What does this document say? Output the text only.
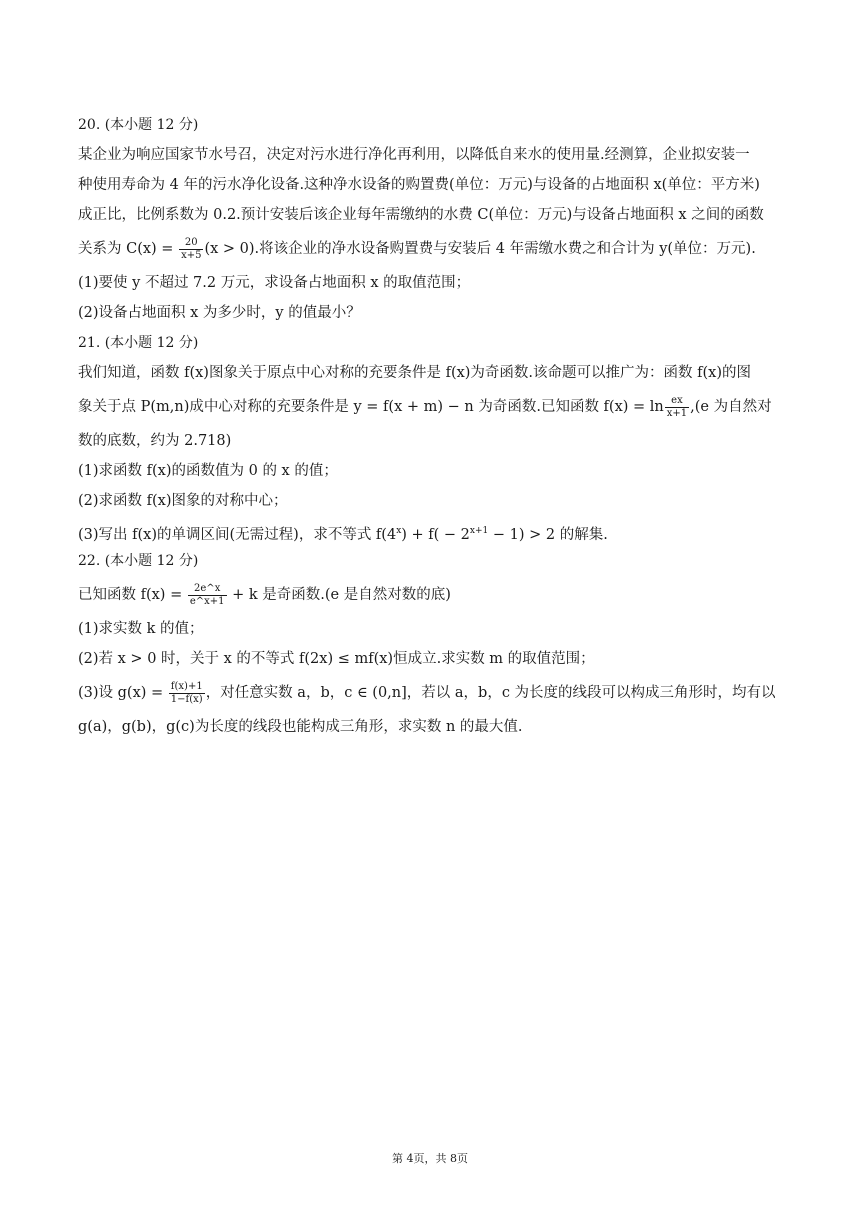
20. (本小题 12 分)
某企业为响应国家节水号召，决定对污水进行净化再利用，以降低自来水的使用量.经测算，企业拟安装一
种使用寿命为 4 年的污水净化设备.这种净水设备的购置费(单位：万元)与设备的占地面积 x(单位：平方米)
成正比，比例系数为 0.2.预计安装后该企业每年需缴纳的水费 C(单位：万元)与设备占地面积 x 之间的函数
关系为 $C(x) = \frac{20}{x+5} (x > 0)$.将该企业的净水设备购置费与安装后 4 年需缴水费之和合计为 y(单位：万元).
(1)要使 y 不超过 7.2 万元，求设备占地面积 x 的取值范围；
(2)设备占地面积 x 为多少时，y 的值最小？
21. (本小题 12 分)
我们知道，函数 f(x)图象关于原点中心对称的充要条件是 f(x)为奇函数.该命题可以推广为：函数 f(x)的图
象关于点 P(m,n)成中心对称的充要条件是 y = f(x + m) − n 为奇函数.已知函数 $f(x) = \ln \frac{ex}{x+1} ,(e$ 为自然对
数的底数，约为 2.718)
(1)求函数 f(x)的函数值为 0 的 x 的值；
(2)求函数 f(x)图象的对称中心；
(3)写出 f(x)的单调区间(无需过程)，求不等式 $f(4^x) + f( - 2^{x+1} - 1) > 2$ 的解集.
22. (本小题 12 分)
已知函数 $f(x) = \frac{2e\^{}x}{e\^{}x+1} + k$ 是奇函数.(e 是自然对数的底)
(1)求实数 k 的值；
(2)若 x > 0 时，关于 x 的不等式 f(2x) ≤ mf(x)恒成立.求实数 m 的取值范围；
(3)设 $g(x) = \frac{f(x)+1}{1-f(x)}$ ，对任意实数 a，b，c ∈ (0,n]，若以 a，b，c 为长度的线段可以构成三角形时，均有以
g(a)，g(b)，g(c)为长度的线段也能构成三角形，求实数 n 的最大值.
第 4页，共 8页
